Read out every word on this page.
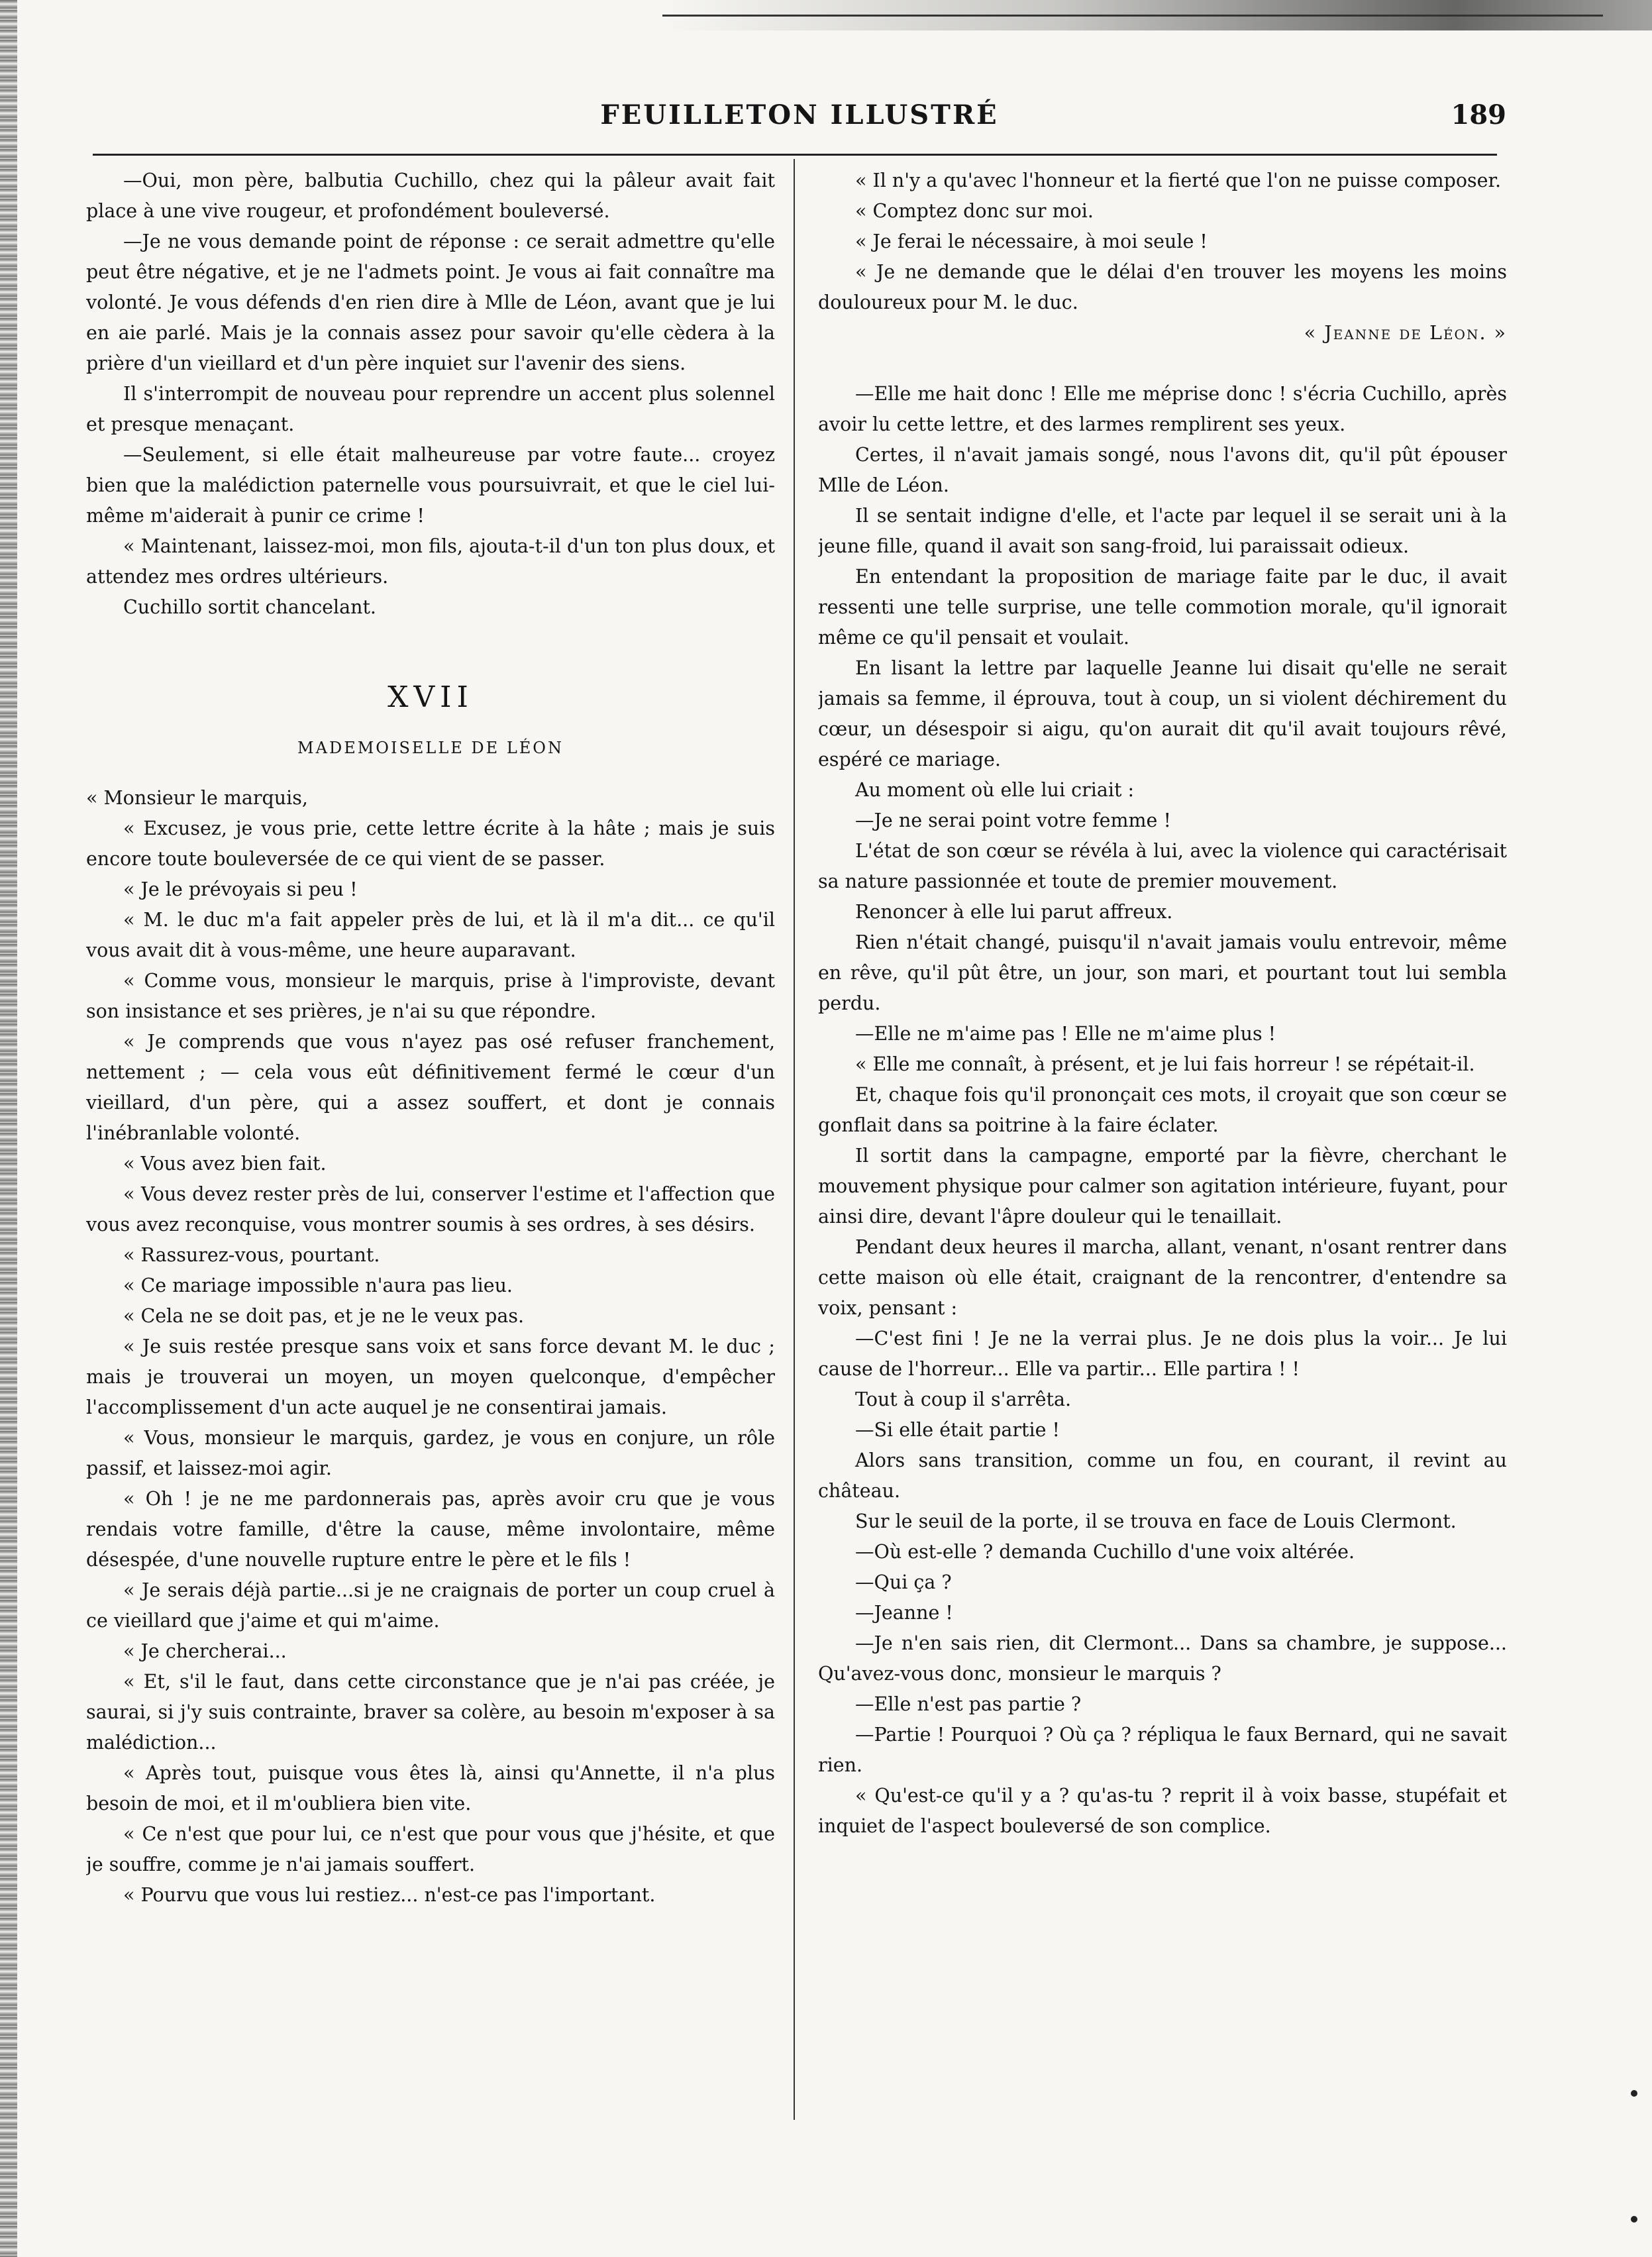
FEUILLETON ILLUSTRÉ	189

—Oui, mon père, balbutia Cuchillo, chez qui la pâleur avait fait place à une vive rougeur, et profondément bouleversé.

—Je ne vous demande point de réponse : ce serait admettre qu'elle peut être négative, et je ne l'admets point. Je vous ai fait connaître ma volonté. Je vous défends d'en rien dire à Mlle de Léon, avant que je lui en aie parlé. Mais je la connais assez pour savoir qu'elle cèdera à la prière d'un vieillard et d'un père inquiet sur l'avenir des siens.

Il s'interrompit de nouveau pour reprendre un accent plus solennel et presque menaçant.

—Seulement, si elle était malheureuse par votre faute... croyez bien que la malédiction paternelle vous poursuivrait, et que le ciel lui-même m'aiderait à punir ce crime !

« Maintenant, laissez-moi, mon fils, ajouta-t-il d'un ton plus doux, et attendez mes ordres ultérieurs.

Cuchillo sortit chancelant.

XVII
MADEMOISELLE DE LÉON

« Monsieur le marquis,

« Excusez, je vous prie, cette lettre écrite à la hâte ; mais je suis encore toute bouleversée de ce qui vient de se passer.

« Je le prévoyais si peu !

« M. le duc m'a fait appeler près de lui, et là il m'a dit... ce qu'il vous avait dit à vous-même, une heure auparavant.

« Comme vous, monsieur le marquis, prise à l'improviste, devant son insistance et ses prières, je n'ai su que répondre.

« Je comprends que vous n'ayez pas osé refuser franchement, nettement ; — cela vous eût définitivement fermé le cœur d'un vieillard, d'un père, qui a assez souffert, et dont je connais l'inébranlable volonté.

« Vous avez bien fait.

« Vous devez rester près de lui, conserver l'estime et l'affection que vous avez reconquise, vous montrer soumis à ses ordres, à ses désirs.

« Rassurez-vous, pourtant.

« Ce mariage impossible n'aura pas lieu.

« Cela ne se doit pas, et je ne le veux pas.

« Je suis restée presque sans voix et sans force devant M. le duc ; mais je trouverai un moyen, un moyen quelconque, d'empêcher l'accomplissement d'un acte auquel je ne consentirai jamais.

« Vous, monsieur le marquis, gardez, je vous en conjure, un rôle passif, et laissez-moi agir.

« Oh ! je ne me pardonnerais pas, après avoir cru que je vous rendais votre famille, d'être la cause, même involontaire, même désespée, d'une nouvelle rupture entre le père et le fils !

« Je serais déjà partie...si je ne craignais de porter un coup cruel à ce vieillard que j'aime et qui m'aime.

« Je chercherai...

« Et, s'il le faut, dans cette circonstance que je n'ai pas créée, je saurai, si j'y suis contrainte, braver sa colère, au besoin m'exposer à sa malédiction...

« Après tout, puisque vous êtes là, ainsi qu'Annette, il n'a plus besoin de moi, et il m'oubliera bien vite.

« Ce n'est que pour lui, ce n'est que pour vous que j'hésite, et que je souffre, comme je n'ai jamais souffert.

« Pourvu que vous lui restiez... n'est-ce pas l'important.

« Il n'y a qu'avec l'honneur et la fierté que l'on ne puisse composer.

« Comptez donc sur moi.

« Je ferai le nécessaire, à moi seule !

« Je ne demande que le délai d'en trouver les moyens les moins douloureux pour M. le duc.

« Jeanne de Léon. »

—Elle me hait donc ! Elle me méprise donc ! s'écria Cuchillo, après avoir lu cette lettre, et des larmes remplirent ses yeux.

Certes, il n'avait jamais songé, nous l'avons dit, qu'il pût épouser Mlle de Léon.

Il se sentait indigne d'elle, et l'acte par lequel il se serait uni à la jeune fille, quand il avait son sang-froid, lui paraissait odieux.

En entendant la proposition de mariage faite par le duc, il avait ressenti une telle surprise, une telle commotion morale, qu'il ignorait même ce qu'il pensait et voulait.

En lisant la lettre par laquelle Jeanne lui disait qu'elle ne serait jamais sa femme, il éprouva, tout à coup, un si violent déchirement du cœur, un désespoir si aigu, qu'on aurait dit qu'il avait toujours rêvé, espéré ce mariage.

Au moment où elle lui criait :

—Je ne serai point votre femme !

L'état de son cœur se révéla à lui, avec la violence qui caractérisait sa nature passionnée et toute de premier mouvement.

Renoncer à elle lui parut affreux.

Rien n'était changé, puisqu'il n'avait jamais voulu entrevoir, même en rêve, qu'il pût être, un jour, son mari, et pourtant tout lui sembla perdu.

—Elle ne m'aime pas ! Elle ne m'aime plus !

« Elle me connaît, à présent, et je lui fais horreur ! se répétait-il.

Et, chaque fois qu'il prononçait ces mots, il croyait que son cœur se gonflait dans sa poitrine à la faire éclater.

Il sortit dans la campagne, emporté par la fièvre, cherchant le mouvement physique pour calmer son agitation intérieure, fuyant, pour ainsi dire, devant l'âpre douleur qui le tenaillait.

Pendant deux heures il marcha, allant, venant, n'osant rentrer dans cette maison où elle était, craignant de la rencontrer, d'entendre sa voix, pensant :

—C'est fini ! Je ne la verrai plus. Je ne dois plus la voir... Je lui cause de l'horreur... Elle va partir... Elle partira ! !

Tout à coup il s'arrêta.

—Si elle était partie !

Alors sans transition, comme un fou, en courant, il revint au château.

Sur le seuil de la porte, il se trouva en face de Louis Clermont.

—Où est-elle ? demanda Cuchillo d'une voix altérée.

—Qui ça ?

—Jeanne !

—Je n'en sais rien, dit Clermont... Dans sa chambre, je suppose... Qu'avez-vous donc, monsieur le marquis ?

—Elle n'est pas partie ?

—Partie ! Pourquoi ? Où ça ? répliqua le faux Bernard, qui ne savait rien.

« Qu'est-ce qu'il y a ? qu'as-tu ? reprit il à voix basse, stupéfait et inquiet de l'aspect bouleversé de son complice.
